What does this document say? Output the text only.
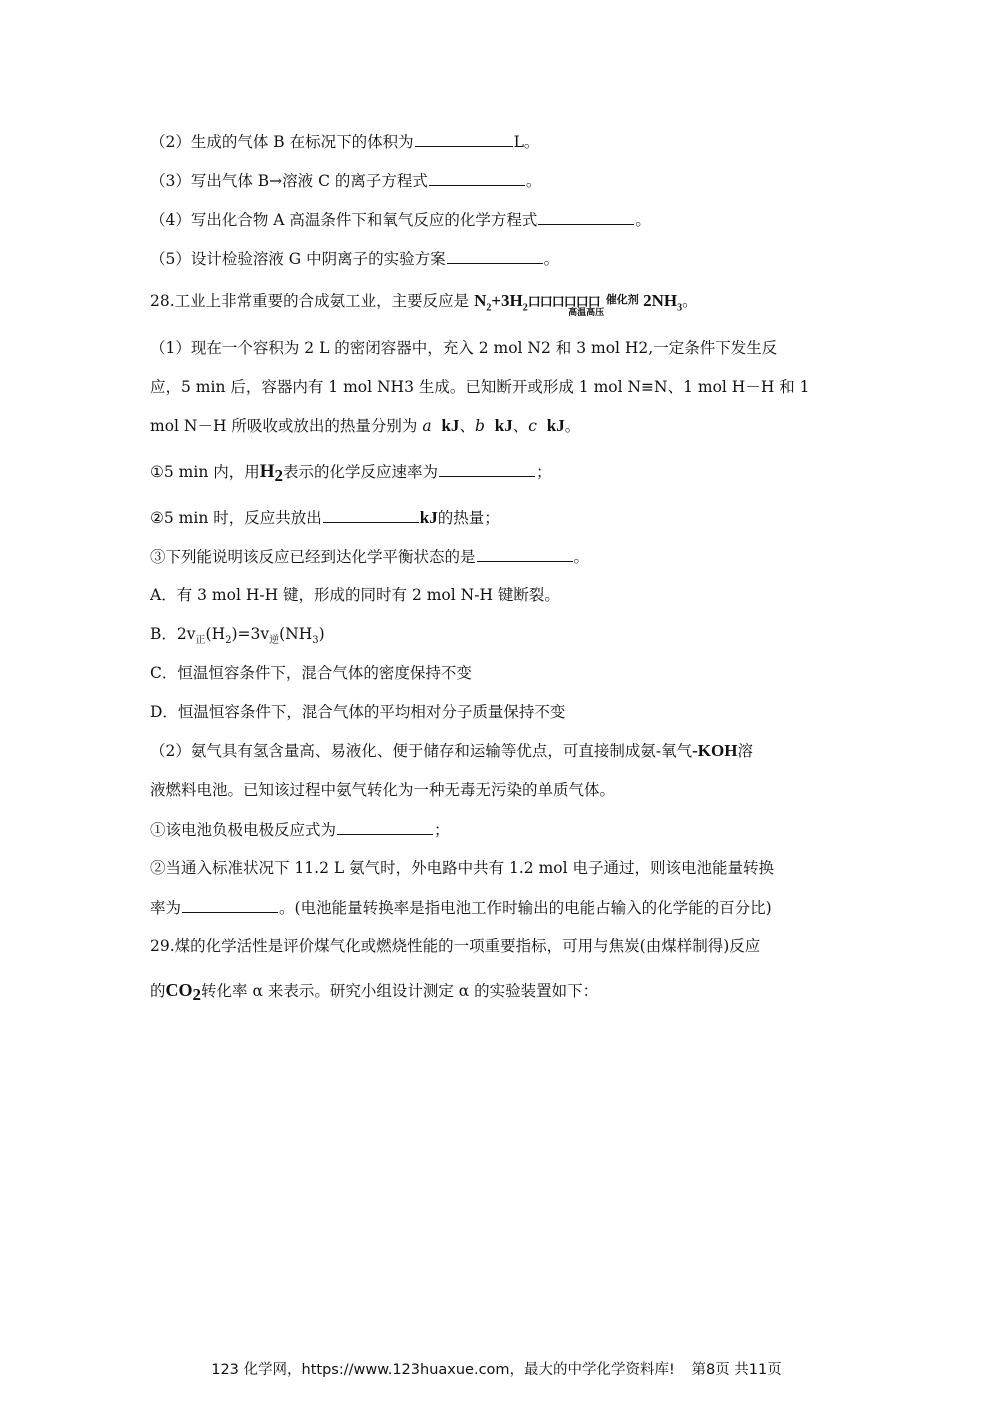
（2）生成的气体 B 在标况下的体积为	L。
（3）写出气体 B→溶液 C 的离子方程式	。
（4）写出化合物 A 高温条件下和氧气反应的化学方程式	。
（5）设计检验溶液 G 中阴离子的实验方案	。
28.工业上非常重要的合成氨工业，主要反应是 $N_2+3H_2$口口口口口口 催化剂
高温高压
$2NH_3$。
（1）现在一个容积为 2 L 的密闭容器中，充入 2 mol N2 和 3 mol H2,一定条件下发生反
应，5 min 后，容器内有 1 mol NH3 生成。已知断开或形成 1 mol N≡N、1 mol H－H 和 1
mol N－H 所吸收或放出的热量分别为 a kJ、b kJ、c kJ。
①5 min 内，用$H_2$表示的化学反应速率为	；
②5 min 时，反应共放出	kJ的热量；
③下列能说明该反应已经到达化学平衡状态的是	。
A．有 3 mol H-H 键，形成的同时有 2 mol N-H 键断裂。
B．$2v_正(H_2)=3v_逆(NH_3)$
C．恒温恒容条件下，混合气体的密度保持不变
D．恒温恒容条件下，混合气体的平均相对分子质量保持不变
（2）氨气具有氢含量高、易液化、便于储存和运输等优点，可直接制成氨-氧气-KOH溶
液燃料电池。已知该过程中氨气转化为一种无毒无污染的单质气体。
①该电池负极电极反应式为	；
②当通入标准状况下 11.2 L 氨气时，外电路中共有 1.2 mol 电子通过，则该电池能量转换
率为	。(电池能量转换率是指电池工作时输出的电能占输入的化学能的百分比)
29.煤的化学活性是评价煤气化或燃烧性能的一项重要指标，可用与焦炭(由煤样制得)反应
的$CO_2$转化率 α 来表示。研究小组设计测定 α 的实验装置如下：
123 化学网，https://www.123huaxue.com，最大的中学化学资料库! 第8页 共11页
